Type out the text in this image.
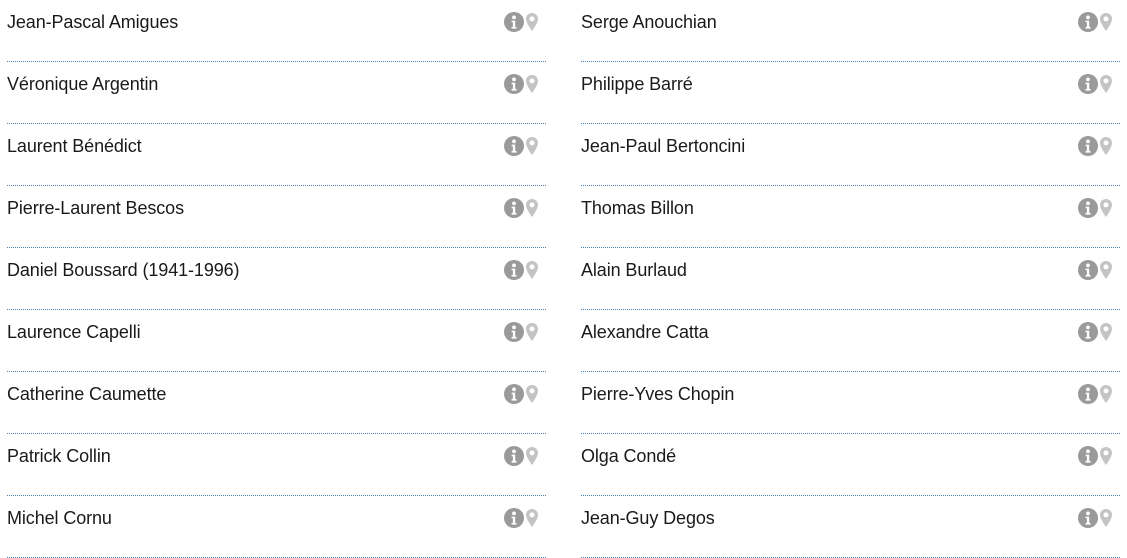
Jean-Pascal Amigues
Véronique Argentin
Laurent Bénédict
Pierre-Laurent Bescos
Daniel Boussard (1941-1996)
Laurence Capelli
Catherine Caumette
Patrick Collin
Michel Cornu
Serge Anouchian
Philippe Barré
Jean-Paul Bertoncini
Thomas Billon
Alain Burlaud
Alexandre Catta
Pierre-Yves Chopin
Olga Condé
Jean-Guy Degos
